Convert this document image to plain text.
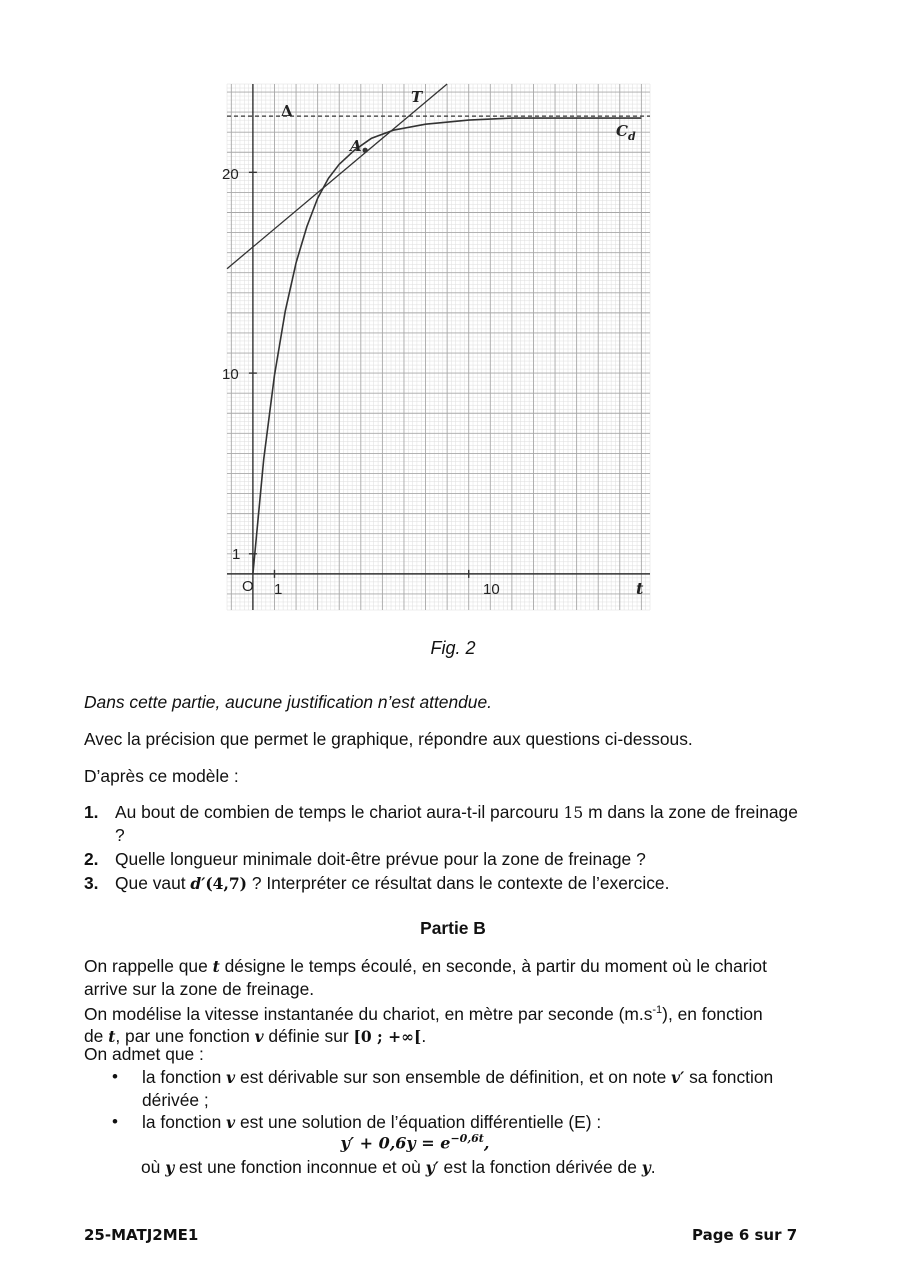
1
10
20
O 1	10	t
Δ
T
A
$C_d$
Fig. 2

Dans cette partie, aucune justification n’est attendue.

Avec la précision que permet le graphique, répondre aux questions ci-dessous.

D’après ce modèle :

1. Au bout de combien de temps le chariot aura-t-il parcouru 15 m dans la zone de freinage ?
2. Quelle longueur minimale doit-être prévue pour la zone de freinage ?
3. Que vaut d′(4,7) ? Interpréter ce résultat dans le contexte de l’exercice.
Partie B

On rappelle que t désigne le temps écoulé, en seconde, à partir du moment où le chariot arrive sur la zone de freinage.

On modélise la vitesse instantanée du chariot, en mètre par seconde $(m.s^{-1})$, en fonction de t, par une fonction v définie sur [0 ; +∞[.

On admet que :

• la fonction v est dérivable sur son ensemble de définition, et on note v′ sa fonction dérivée ;
• la fonction v est une solution de l’équation différentielle (E) :
$y' + 0,6y = e^{-0,6t}$,

où y est une fonction inconnue et où y′ est la fonction dérivée de y.

25-MATJ2ME1	Page 6 sur 7
